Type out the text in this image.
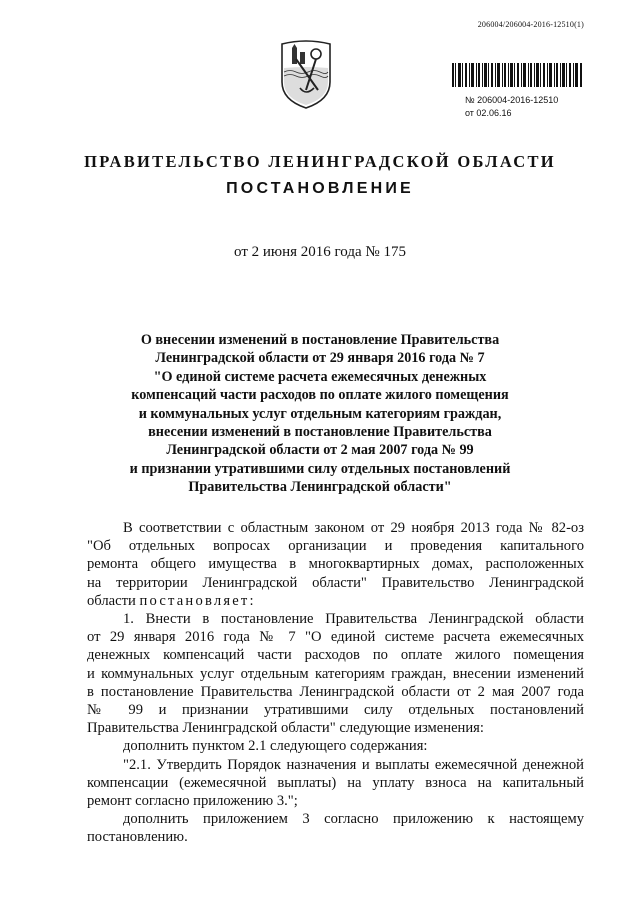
206004/206004-2016-12510(1)
№ 206004-2016-12510
от 02.06.16
ПРАВИТЕЛЬСТВО ЛЕНИНГРАДСКОЙ ОБЛАСТИ
ПОСТАНОВЛЕНИЕ
от 2 июня 2016 года № 175
О внесении изменений в постановление Правительства
Ленинградской области от 29 января 2016 года № 7
"О единой системе расчета ежемесячных денежных
компенсаций части расходов по оплате жилого помещения
и коммунальных услуг отдельным категориям граждан,
внесении изменений в постановление Правительства
Ленинградской области от 2 мая 2007 года № 99
и признании утратившими силу отдельных постановлений
Правительства Ленинградской области"
В соответствии с областным законом от 29 ноября 2013 года № 82-оз
"Об отдельных вопросах организации и проведения капитального
ремонта общего имущества в многоквартирных домах, расположенных
на территории Ленинградской области" Правительство Ленинградской
области постановляет:
1. Внести в постановление Правительства Ленинградской области
от 29 января 2016 года № 7 "О единой системе расчета ежемесячных
денежных компенсаций части расходов по оплате жилого помещения
и коммунальных услуг отдельным категориям граждан, внесении изменений
в постановление Правительства Ленинградской области от 2 мая 2007 года
№ 99 и признании утратившими силу отдельных постановлений
Правительства Ленинградской области" следующие изменения:
дополнить пунктом 2.1 следующего содержания:
"2.1. Утвердить Порядок назначения и выплаты ежемесячной денежной
компенсации (ежемесячной выплаты) на уплату взноса на капитальный
ремонт согласно приложению 3.";
дополнить приложением 3 согласно приложению к настоящему
постановлению.
